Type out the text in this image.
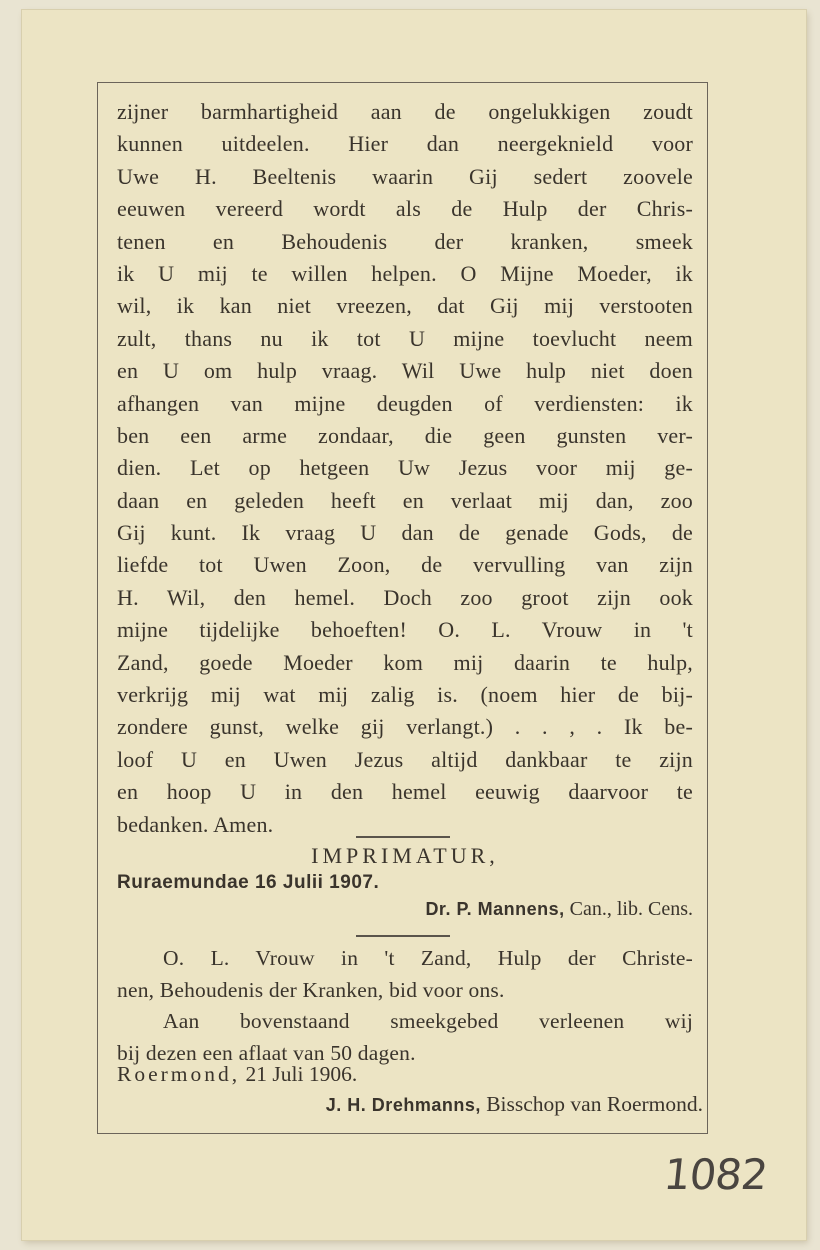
zijner barmhartigheid aan de ongelukkigen zoudt
kunnen uitdeelen. Hier dan neergeknield voor
Uwe H. Beeltenis waarin Gij sedert zoovele
eeuwen vereerd wordt als de Hulp der Chris-
tenen en Behoudenis der kranken, smeek
ik U mij te willen helpen. O Mijne Moeder, ik
wil, ik kan niet vreezen, dat Gij mij verstooten
zult, thans nu ik tot U mijne toevlucht neem
en U om hulp vraag. Wil Uwe hulp niet doen
afhangen van mijne deugden of verdiensten: ik
ben een arme zondaar, die geen gunsten ver-
dien. Let op hetgeen Uw Jezus voor mij ge-
daan en geleden heeft en verlaat mij dan, zoo
Gij kunt. Ik vraag U dan de genade Gods, de
liefde tot Uwen Zoon, de vervulling van zijn
H. Wil, den hemel. Doch zoo groot zijn ook
mijne tijdelijke behoeften! O. L. Vrouw in 't
Zand, goede Moeder kom mij daarin te hulp,
verkrijg mij wat mij zalig is. (noem hier de bij-
zondere gunst, welke gij verlangt.) . . , . Ik be-
loof U en Uwen Jezus altijd dankbaar te zijn
en hoop U in den hemel eeuwig daarvoor te
bedanken. Amen.
IMPRIMATUR,
Ruraemundae 16 Julii 1907.
Dr. P. Mannens, Can., lib. Cens.
O. L. Vrouw in 't Zand, Hulp der Christe-
nen, Behoudenis der Kranken, bid voor ons.
Aan bovenstaand smeekgebed verleenen wij
bij dezen een aflaat van 50 dagen.
Roermond, 21 Juli 1906.
J. H. Drehmanns, Bisschop van Roermond.
1082
